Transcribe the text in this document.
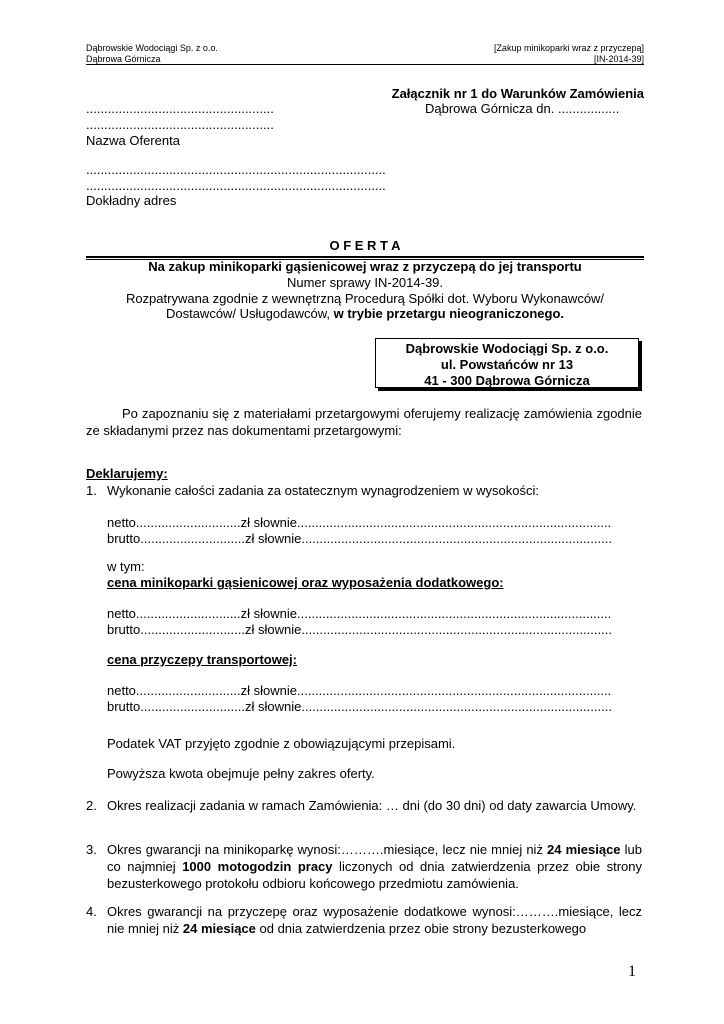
Dąbrowskie Wodociągi Sp. z o.o.
Dąbrowa Górnicza
[Zakup minikoparki wraz z przyczepą]
[IN-2014-39]
Załącznik nr 1 do Warunków Zamówienia
Dąbrowa Górnicza dn. .................
....................................................
....................................................
Nazwa Oferenta
...................................................................................
...................................................................................
Dokładny adres
O F E R T A
Na zakup minikoparki gąsienicowej wraz z przyczepą do jej transportu
Numer sprawy IN-2014-39.
Rozpatrywana zgodnie z wewnętrzną Procedurą Spółki dot. Wyboru Wykonawców/
Dostawców/ Usługodawców, w trybie przetargu nieograniczonego.
Dąbrowskie Wodociągi Sp. z o.o.
ul. Powstańców nr 13
41 - 300 Dąbrowa Górnicza
Po zapoznaniu się z materiałami przetargowymi oferujemy realizację zamówienia zgodnie ze składanymi przez nas dokumentami przetargowymi:
Deklarujemy:
1. Wykonanie całości zadania za ostatecznym wynagrodzeniem w wysokości:
netto.............................zł słownie.......................................................................................
brutto.............................zł słownie......................................................................................
w tym:
cena minikoparki gąsienicowej oraz wyposażenia dodatkowego:
netto.............................zł słownie.......................................................................................
brutto.............................zł słownie......................................................................................
cena przyczepy transportowej:
netto.............................zł słownie.......................................................................................
brutto.............................zł słownie......................................................................................
Podatek VAT przyjęto zgodnie z obowiązującymi przepisami.
Powyższa kwota obejmuje pełny zakres oferty.
2. Okres realizacji zadania w ramach Zamówienia: … dni (do 30 dni) od daty zawarcia Umowy.
3. Okres gwarancji na minikoparkę wynosi:……….miesiące, lecz nie mniej niż 24 miesiące lub co najmniej 1000 motogodzin pracy liczonych od dnia zatwierdzenia przez obie strony bezusterkowego protokołu odbioru końcowego przedmiotu zamówienia.
4. Okres gwarancji na przyczepę oraz wyposażenie dodatkowe wynosi:……….miesiące, lecz nie mniej niż 24 miesiące od dnia zatwierdzenia przez obie strony bezusterkowego
1
